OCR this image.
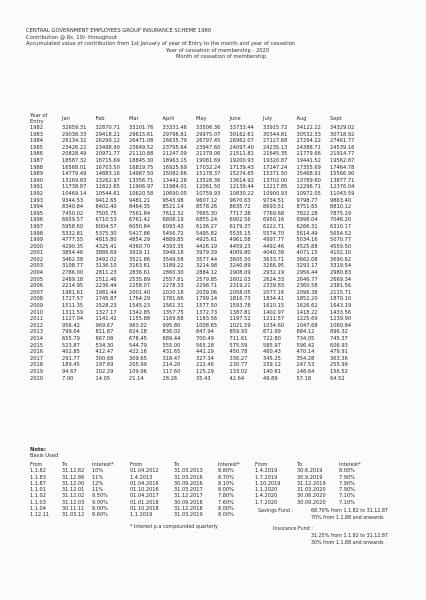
CENTRAL GOVERNMENT EMPLOYEES GROUP INSURANCE SCHEME 1980
Contribution @ Rs. 10/- throughout
Accumulated value of contribution from 1st January of year of Entry to the month and year of cessation
Year of cessation of membership - 2020
Month of cessation of membership
Year of Entry	Jan	Feb	Mar	April	May	June	July	Aug	Sept
1982	32659.31	32870.71	33101.76	33331.46	33506.36	33733.44	33915.72	34122.22	34329.02
1983	29038.33	29418.21	29615.61	29796.81	29975.07	30162.61	30344.81	30532.33	30718.92
1984	26134.32	26290.12	26471.08	26635.79	26797.45	26962.07	27127.68	27294.22	27461.77
1985	23426.22	23498.90	23649.52	23795.64	23947.60	24097.40	24235.13	24388.71	24539.16
1986	20828.49	20971.77	21110.88	21247.09	21379.06	21511.81	21645.35	21779.66	21914.77
1987	18587.32	18715.69	18845.30	18963.15	19081.69	19200.93	19320.87	19441.52	19562.87
1988	16568.01	16703.50	16819.75	16925.69	17032.24	17139.43	17247.24	17355.69	17464.78
1989	14779.49	14883.16	14987.50	15082.66	15178.37	15274.65	15371.50	15468.91	15566.90
1990	13169.83	13262.97	13356.71	13442.28	13528.36	13614.92	13702.00	13789.60	13877.71
1991	11738.87	11822.65	11906.97	11984.01	12061.50	12139.44	12217.85	12296.71	12376.04
1992	10469.14	10544.61	10620.58	10690.05	10759.93	10830.22	10900.93	10972.05	11043.59
1993	9344.53	9412.65	9481.21	9543.98	9607.12	9670.63	9734.51	9798.77	9863.40
1994	8340.84	8402.40	8464.35	8521.14	8578.26	8635.72	8693.51	8751.65	8810.12
1995	7450.02	7505.75	7561.84	7612.32	7665.30	7717.38	7769.68	7822.28	7875.29
1996	6659.57	6710.53	6761.42	6808.19	6855.24	6902.56	6950.16	6998.04	7046.20
1997	5958.60	6004.57	6050.84	6093.43	6136.27	6179.37	6222.71	6266.31	6310.17
1998	5332.81	5375.30	5417.86	5456.72	5495.82	5535.15	5574.70	5614.49	5654.52
1999	4777.55	4815.80	4854.29	4889.85	4925.61	4961.58	4997.77	5034.16	5070.77
2000	4290.35	4325.41	4360.70	4393.35	4426.19	4459.23	4492.46	4525.88	4559.50
2001	3854.46	3886.69	3919.11	3949.18	3979.39	4009.80	4040.38	4071.15	4102.10
2002	3462.38	3492.02	3521.86	3549.58	3577.44	3605.50	3633.71	3662.08	3690.62
2003	3108.77	3136.10	3163.61	3189.22	3214.98	3240.89	3266.95	3293.17	3319.54
2004	2786.00	2811.23	2836.61	2860.30	2884.12	2908.09	2932.19	2956.44	2980.83
2005	2489.18	2512.46	2535.89	2557.81	2579.85	2602.03	2624.33	2646.77	2669.34
2006	2214.95	2236.44	2258.07	2278.33	2298.71	2319.21	2339.83	2360.58	2381.56
2007	1961.61	1981.44	2001.40	2020.18	2039.06	2058.05	2077.16	2096.38	2115.71
2008	1727.57	1745.87	1764.29	1781.66	1799.14	1816.73	1834.41	1852.20	1870.10
2009	1511.35	1528.23	1545.23	1561.31	1577.50	1593.78	1610.15	1626.62	1643.19
2010	1311.59	1327.17	1342.85	1357.75	1372.73	1387.81	1402.97	1418.22	1433.56
2011	1127.04	1141.42	1155.88	1169.68	1183.56	1197.52	1211.57	1225.69	1239.90
2012	956.42	969.67	983.02	995.80	1008.65	1021.59	1034.60	1047.68	1060.84
2013	799.64	811.87	824.18	836.02	847.94	859.93	871.99	884.12	896.32
2014	655.79	667.08	678.45	689.44	700.49	711.61	722.80	734.05	745.37
2015	523.87	534.30	544.79	555.00	565.28	575.59	585.97	596.42	606.93
2016	402.85	412.47	422.16	431.65	441.19	450.78	460.43	470.14	479.91
2017	291.77	300.68	309.65	318.47	327.34	336.27	345.25	354.28	363.36
2018	189.45	197.69	205.99	214.20	222.46	230.77	239.12	247.53	255.99
2019	94.67	102.29	109.96	117.60	125.29	133.02	140.81	148.64	156.52
2020	7.00	14.05	21.14	28.26	35.43	42.64	49.89	57.18	64.52
Note:
Basis Used
From	To	Interest*
1.1.82	31.12.82	10%
1.1.83	31.12.86	11%
1.1.87	31.12.00	12%
1.1.01	31.12.01	11%
1.1.02	31.12.02	9.50%
1.1.03	31.12.03	9.00%
1.1.04	30.11.11	8.00%
1.12.11	31.03.12	8.60%
From	To	Interest*
01.04.2012	31.03.2013	8.80%
1.4.2013	31.03.2016	8.70%
01.04.2016	30.09.2016	8.10%
01.10.2016	31.03.2017	8.00%
01.04.2017	31.12.2017	7.80%
01.01.2018	30.09.2018	7.60%
01.10.2018	31.12.2018	8.00%
1.1.2019	31.03.2019	8.00%
* Interest p.a compounded quarterly
From	To	Interest*
1.4.2019	30.6.2019	8.00%
1.7.2019	30.9.2019	7.90%
1.10.2019	31.12.2019	7.90%
1.1.2020	31.03.2020	7.90%
1.4.2020	30.06.2020	7.10%
1.7.2020	30.09.2020	7.10%
Savings Fund :	68.70% from 1.1.82 to 31.12.87
70% from 1.1.88 and onwards
Insurance Fund :
31.25% from 1.1.82 to 31.12.87
30% from 1.1.88 and onwards
